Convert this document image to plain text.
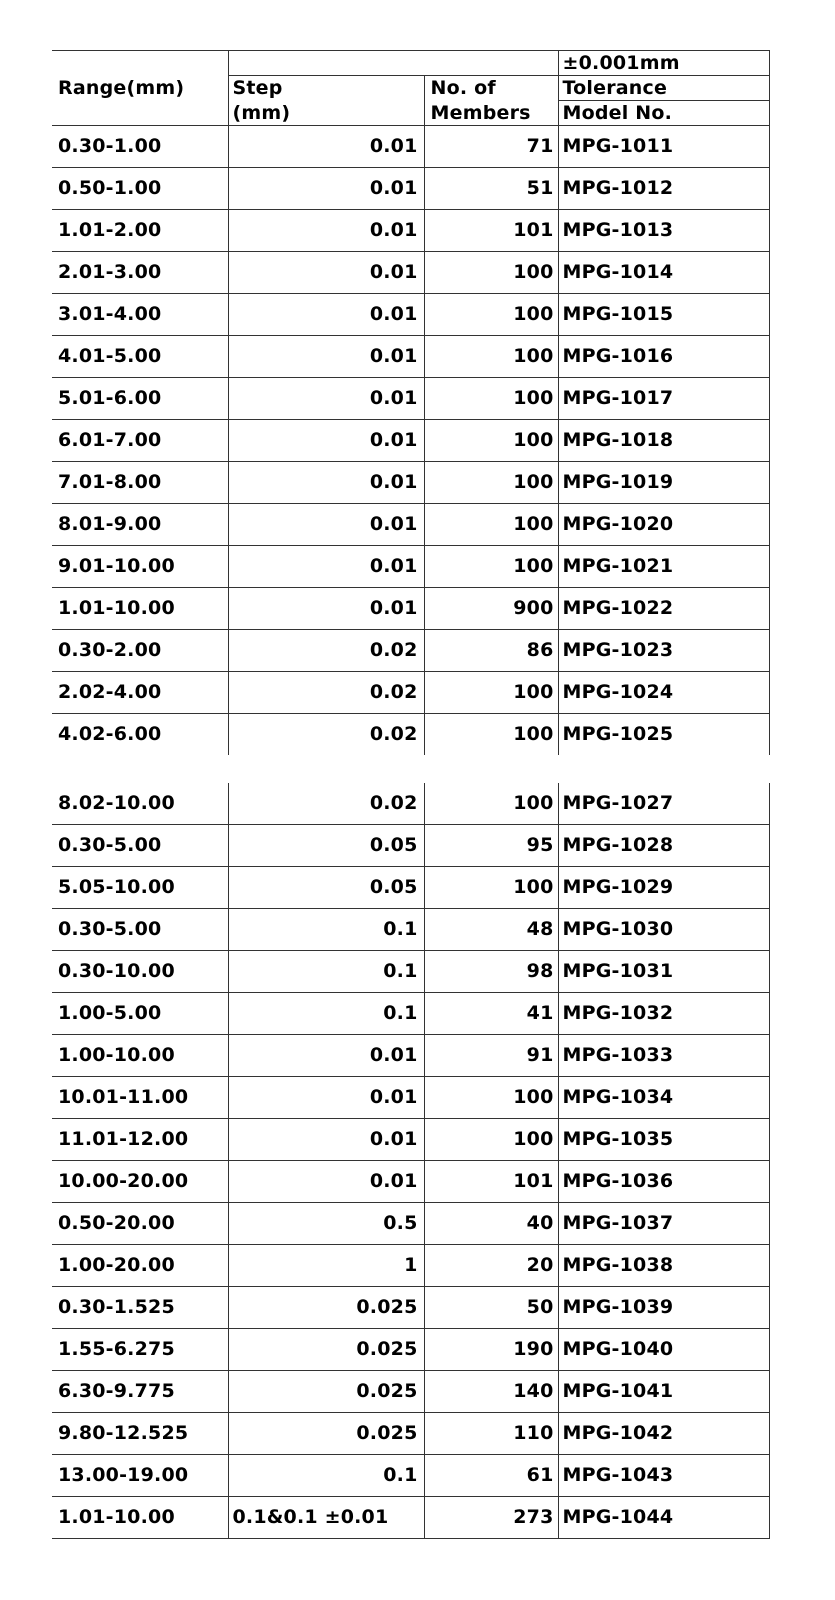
Range(mm)			±0.001mm
	Step	No. of	Tolerance
	(mm)	Members	Model No.
0.30-1.00	0.01	71	MPG-1011
0.50-1.00	0.01	51	MPG-1012
1.01-2.00	0.01	101	MPG-1013
2.01-3.00	0.01	100	MPG-1014
3.01-4.00	0.01	100	MPG-1015
4.01-5.00	0.01	100	MPG-1016
5.01-6.00	0.01	100	MPG-1017
6.01-7.00	0.01	100	MPG-1018
7.01-8.00	0.01	100	MPG-1019
8.01-9.00	0.01	100	MPG-1020
9.01-10.00	0.01	100	MPG-1021
1.01-10.00	0.01	900	MPG-1022
0.30-2.00	0.02	86	MPG-1023
2.02-4.00	0.02	100	MPG-1024
4.02-6.00	0.02	100	MPG-1025
8.02-10.00	0.02	100	MPG-1027
0.30-5.00	0.05	95	MPG-1028
5.05-10.00	0.05	100	MPG-1029
0.30-5.00	0.1	48	MPG-1030
0.30-10.00	0.1	98	MPG-1031
1.00-5.00	0.1	41	MPG-1032
1.00-10.00	0.01	91	MPG-1033
10.01-11.00	0.01	100	MPG-1034
11.01-12.00	0.01	100	MPG-1035
10.00-20.00	0.01	101	MPG-1036
0.50-20.00	0.5	40	MPG-1037
1.00-20.00	1	20	MPG-1038
0.30-1.525	0.025	50	MPG-1039
1.55-6.275	0.025	190	MPG-1040
6.30-9.775	0.025	140	MPG-1041
9.80-12.525	0.025	110	MPG-1042
13.00-19.00	0.1	61	MPG-1043
1.01-10.00	0.1&0.1 ±0.01	273	MPG-1044
